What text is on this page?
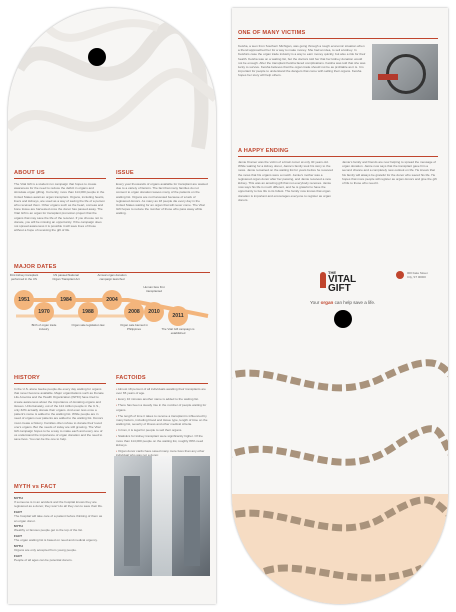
ABOUT US
The Vital Gift is a student run campaign that hopes to create awareness for the need to reduce the deficit in organs and stimulate organ gifting. Currently, more than 114,000 people in the United States await an organ transplant. Organs, including hearts, livers and kidneys, are used as a way of saving the life of a person who received them. Other organs such as the heart, corneas and bone tissue are harvested once the donor has passed away. The Vital Gift is an organ for transplant promotion project that the organs that may save the life of the receiver. If you choose not to donate, you will be missing an opportunity. If the campaign does not spread awareness it is possible it will save lives of those without a hope of receiving the gift of life.
ISSUE
Every year thousands of organs available for transplant are wasted due to a variety of factors. The fact that many families do not consent to organ donation leaves many of the patients on the waiting list. Organs are not harvested because of a lack of registered donors. As many as 18 people die every day in the United States waiting for an organ that will never come. The Vital Gift hopes to reduce the number of those who pass away while waiting.
MAJOR DATES
1951
First kidney transplant performed in the US
1970
Birth of organ trade industry
1984
US passed National Organ Transplant Act
1988
Organ sale legislation law
2004
Annual organ donation campaign launched
2008
Organ sale banned in Philippines
2010
Human face first transplanted
2011
The Vital Gift campaign is established
HISTORY
In the U.S. alone twelve people die every day waiting for organs that never become available. Major organizations such as Donate Life America and the Health Organization (WHO) have tried to create awareness about the importance of donating organs and tissues. Unfortunately, out of the 114 million people in the U.S., only 32% actually donate their organs. And even less once a patient's name is added to the waiting list. While people are in need of organs new patients are added to the waiting list. Donors must create a history. Families often refuse to donate their loved one's organs. But the needs of today are still growing. The Vital Gift campaign hopes to be a way to make each and every one of us understand the importance of organ donation and the need to save lives. You can be the one to help.
FACTOIDS
• Almost 18 percent of all individuals awaiting their transplants are over 65 years of age.
• Every 10 minutes another name is added to the waiting list.
• There has been a steady rise in the number of people waiting for organs.
• The length of time it takes to receive a transplant is influenced by many factors, including blood and tissue type, length of time on the waiting list, severity of illness and other medical criteria.
• In Iran, it is legal for people to sell their organs.
• Statistics for kidney transplant were significantly higher. Of the more than 114,000 people on the waiting list, roughly 80% need kidneys.
• Organ donor cards have saved many more lives than any other
MYTH vs FACT
MYTH
If someone is in an accident and the hospital knows they are registered as a donor, they won't do all they can to save their life.
FACT
The hospital will take care of a patient before thinking of them as an organ donor.
MYTH
Wealthy or famous people get to the top of the list.
FACT
The organ waiting list is based on need and medical urgency.
MYTH
Organs are only accepted from young people.
FACT
People of all ages can be potential donors.
ONE OF MANY VICTIMS
Keisha, a teen from Southern Michigan, was going through a rough economic situation when a friend approached her for a way to make money. She had an idea, to sell a kidney. In Keisha's case the organ trade industry is a way to earn money quickly, but also a risk for their health. Keisha was on a waiting list, but the doctors told her that her kidney donation would not be enough. After the transplant Keisha faced complications. Keisha was told that she was lucky to survive. Keisha believes that the organ trade should not be as profitable as it is. It is important for people to understand the dangers that come with selling their organs. Keisha hopes her story will help others.
A HAPPY ENDING
Jamie Kramer was the victim of a brain tumor at only 40 years old. While waiting for a kidney donor, Jamie's family took his story to the news. Jamie remained on the waiting list for years before he received the news that his organs were a match. Jamie's mother was a registered organ donor after her passing, and Jamie received a new kidney. This was an amazing gift that not everybody receives. Jamie now says his life is much different, and he is grateful to have the opportunity to live life to its fullest. The family now knows that organ donation is important and encourages everyone to register as organ donors.
Jamie's family and friends are now helping to spread the message of organ donation. Jamie now says that the transplant gave him a second chance and a completely new outlook on life. He knows that his family will always be grateful for the donor who saved his life. He hopes that more people will register as organ donors and give the gift of life to those who need it.
THE
VITAL
GIFT
Your organ can help save a life.
000 Fake Street
City, ST 00000
